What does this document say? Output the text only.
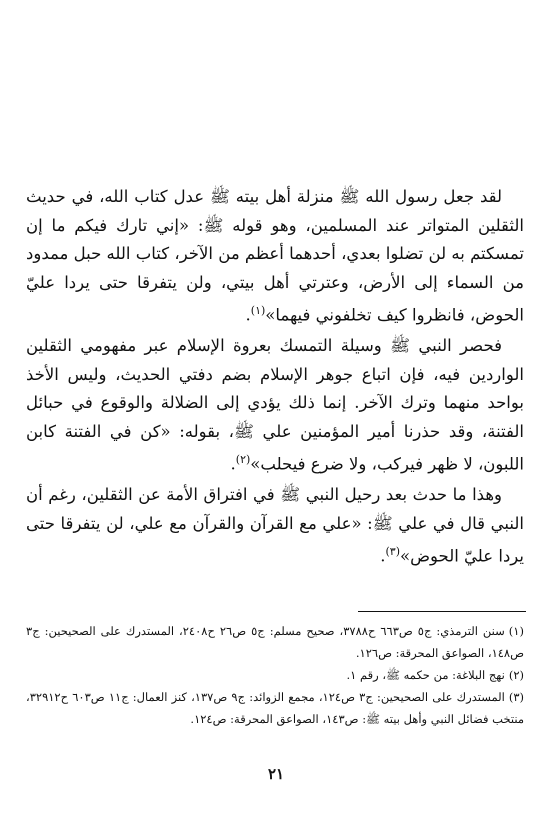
لقد جعل رسول الله ﷺ منزلة أهل بيته ﷺ عدل كتاب الله، في حديث الثقلين المتواتر عند المسلمين، وهو قوله ﷺ: «إني تارك فيكم ما إن تمسكتم به لن تضلوا بعدي، أحدهما أعظم من الآخر، كتاب الله حبل ممدود من السماء إلى الأرض، وعترتي أهل بيتي، ولن يتفرقا حتى يردا عليّ الحوض، فانظروا كيف تخلفوني فيهما»$^{(١)}$.

فحصر النبي ﷺ وسيلة التمسك بعروة الإسلام عبر مفهومي الثقلين الواردين فيه، فإن اتباع جوهر الإسلام بضم دفتي الحديث، وليس الأخذ بواحد منهما وترك الآخر. إنما ذلك يؤدي إلى الضلالة والوقوع في حبائل الفتنة، وقد حذرنا أمير المؤمنين علي ﷺ، بقوله: «كن في الفتنة كابن اللبون، لا ظهر فيركب، ولا ضرع فيحلب»$^{(٢)}$.

وهذا ما حدث بعد رحيل النبي ﷺ في افتراق الأمة عن الثقلين، رغم أن النبي قال في علي ﷺ: «علي مع القرآن والقرآن مع علي، لن يتفرقا حتى يردا عليّ الحوض»$^{(٣)}$.

(١)سنن الترمذي: ج٥ ص٦٦٣ ح٣٧٨٨، صحيح مسلم: ج٥ ص٢٦ ح٢٤٠٨، المستدرك على الصحيحين: ج٣ ص١٤٨، الصواعق المحرقة: ص١٢٦.

(٢)نهج البلاغة: من حكمه ﷺ، رقم ١.

(٣)المستدرك على الصحيحين: ج٣ ص١٢٤، مجمع الزوائد: ج٩ ص١٣٧، كنز العمال: ج١١ ص٦٠٣ ح٣٢٩١٢، منتخب فضائل النبي وأهل بيته ﷺ: ص١٤٣، الصواعق المحرقة: ص١٢٤.

٢١
